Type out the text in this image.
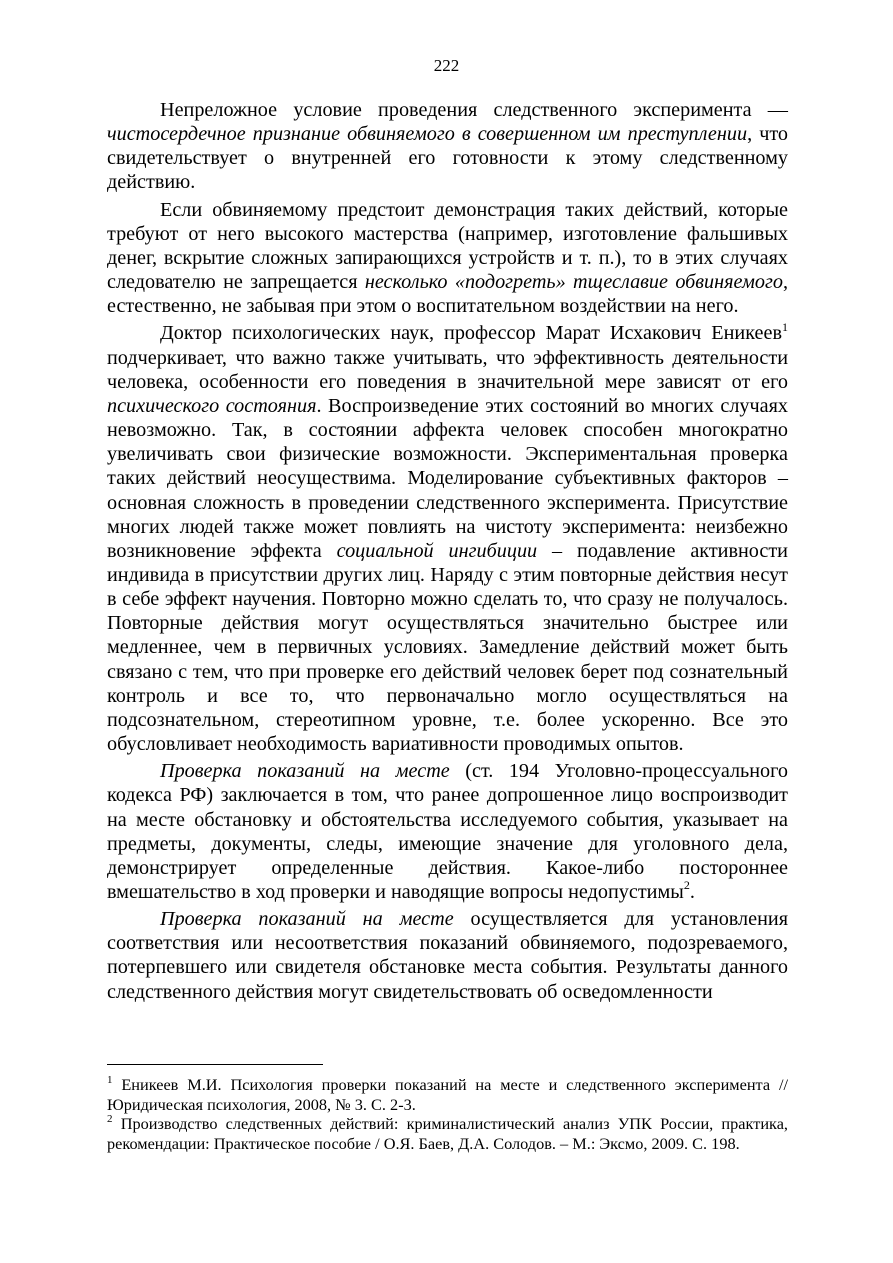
222

Непреложное условие проведения следственного эксперимента — чистосердечное признание обвиняемого в совершенном им преступлении, что свидетельствует о внутренней его готовности к этому следственному действию.

Если обвиняемому предстоит демонстрация таких действий, которые требуют от него высокого мастерства (например, изготовление фальшивых денег, вскрытие сложных запирающихся устройств и т. п.), то в этих случаях следователю не запрещается несколько «подогреть» тщеславие обвиняемого, естественно, не забывая при этом о воспитательном воздействии на него.

Доктор психологических наук, профессор Марат Исхакович Еникеев$^1$ подчеркивает, что важно также учитывать, что эффективность деятельности человека, особенности его поведения в значительной мере зависят от его психического состояния. Воспроизведение этих состояний во многих случаях невозможно. Так, в состоянии аффекта человек способен многократно увеличивать свои физические возможности. Экспериментальная проверка таких действий неосуществима. Моделирование субъективных факторов – основная сложность в проведении следственного эксперимента. Присутствие многих людей также может повлиять на чистоту эксперимента: неизбежно возникновение эффекта социальной ингибиции – подавление активности индивида в присутствии других лиц. Наряду с этим повторные действия несут в себе эффект научения. Повторно можно сделать то, что сразу не получалось. Повторные действия могут осуществляться значительно быстрее или медленнее, чем в первичных условиях. Замедление действий может быть связано с тем, что при проверке его действий человек берет под сознательный контроль и все то, что первоначально могло осуществляться на подсознательном, стереотипном уровне, т.е. более ускоренно. Все это обусловливает необходимость вариативности проводимых опытов.

Проверка показаний на месте (ст. 194 Уголовно-процессуального кодекса РФ) заключается в том, что ранее допрошенное лицо воспроизводит на месте обстановку и обстоятельства исследуемого события, указывает на предметы, документы, следы, имеющие значение для уголовного дела, демонстрирует определенные действия. Какое-либо постороннее вмешательство в ход проверки и наводящие вопросы недопустимы$^2$.

Проверка показаний на месте осуществляется для установления соответствия или несоответствия показаний обвиняемого, подозреваемого, потерпевшего или свидетеля обстановке места события. Результаты данного следственного действия могут свидетельствовать об осведомленности

$^1$ Еникеев М.И. Психология проверки показаний на месте и следственного эксперимента // Юридическая психология, 2008, № 3. С. 2-3.

$^2$ Производство следственных действий: криминалистический анализ УПК России, практика, рекомендации: Практическое пособие / О.Я. Баев, Д.А. Солодов. – М.: Эксмо, 2009. С. 198.
